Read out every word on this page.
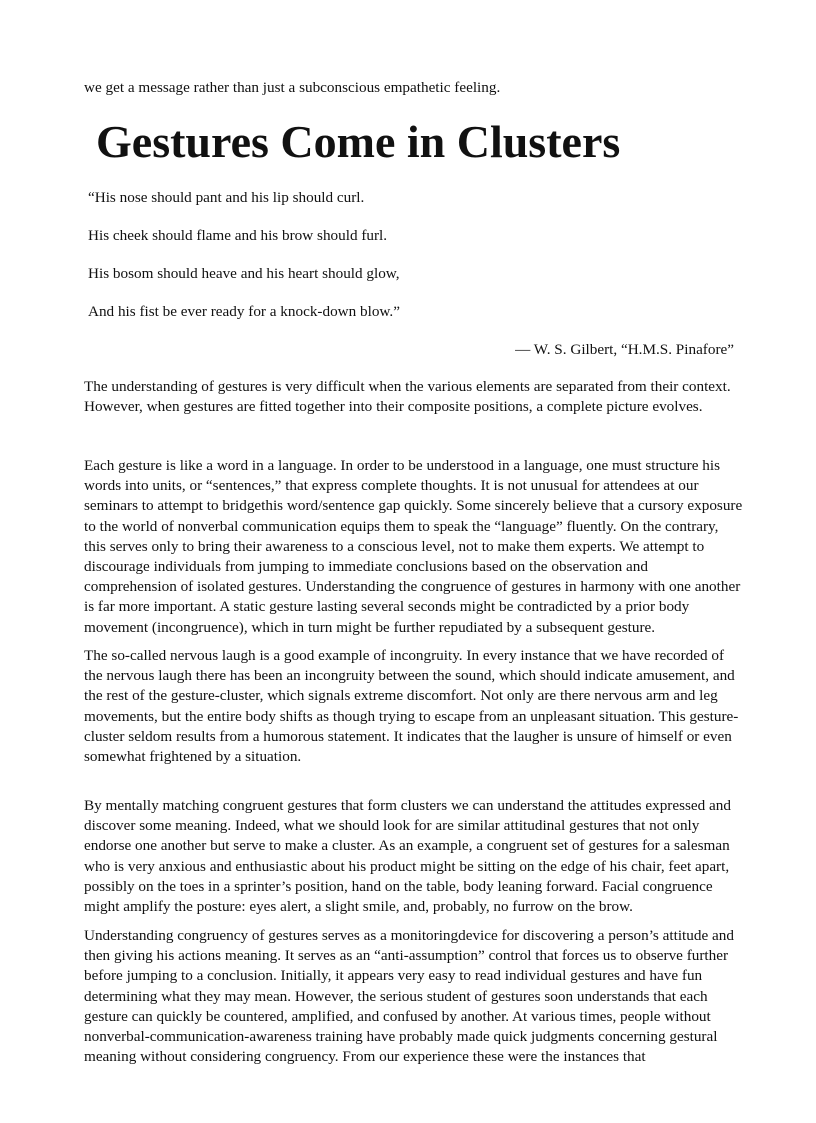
we get a message rather than just a subconscious empathetic feeling.
Gestures Come in Clusters
“His nose should pant and his lip should curl.
His cheek should flame and his brow should furl.
His bosom should heave and his heart should glow,
And his fist be ever ready for a knock-down blow.”
— W. S. Gilbert, “H.M.S. Pinafore”
The understanding of gestures is very difficult when the various elements are separated from their context. However, when gestures are fitted together into their composite positions, a complete picture evolves.
Each gesture is like a word in a language. In order to be understood in a language, one must structure his words into units, or “sentences,” that express complete thoughts. It is not unusual for attendees at our seminars to attempt to bridgethis word/sentence gap quickly. Some sincerely believe that a cursory exposure to the world of nonverbal communication equips them to speak the “language” fluently. On the contrary, this serves only to bring their awareness to a conscious level, not to make them experts. We attempt to discourage individuals from jumping to immediate conclusions based on the observation and comprehension of isolated gestures. Understanding the congruence of gestures in harmony with one another is far more important. A static gesture lasting several seconds might be contradicted by a prior body movement (incongruence), which in turn might be further repudiated by a subsequent gesture.
The so-called nervous laugh is a good example of incongruity. In every instance that we have recorded of the nervous laugh there has been an incongruity between the sound, which should indicate amusement, and the rest of the gesture-cluster, which signals extreme discomfort. Not only are there nervous arm and leg movements, but the entire body shifts as though trying to escape from an unpleasant situation. This gesture-cluster seldom results from a humorous statement. It indicates that the laugher is unsure of himself or even somewhat frightened by a situation.
By mentally matching congruent gestures that form clusters we can understand the attitudes expressed and discover some meaning. Indeed, what we should look for are similar attitudinal gestures that not only endorse one another but serve to make a cluster. As an example, a congruent set of gestures for a salesman who is very anxious and enthusiastic about his product might be sitting on the edge of his chair, feet apart, possibly on the toes in a sprinter’s position, hand on the table, body leaning forward. Facial congruence might amplify the posture: eyes alert, a slight smile, and, probably, no furrow on the brow.
Understanding congruency of gestures serves as a monitoringdevice for discovering a person’s attitude and then giving his actions meaning. It serves as an “anti-assumption” control that forces us to observe further before jumping to a conclusion. Initially, it appears very easy to read individual gestures and have fun determining what they may mean. However, the serious student of gestures soon understands that each gesture can quickly be countered, amplified, and confused by another. At various times, people without nonverbal-communication-awareness training have probably made quick judgments concerning gestural meaning without considering congruency. From our experience these were the instances that
